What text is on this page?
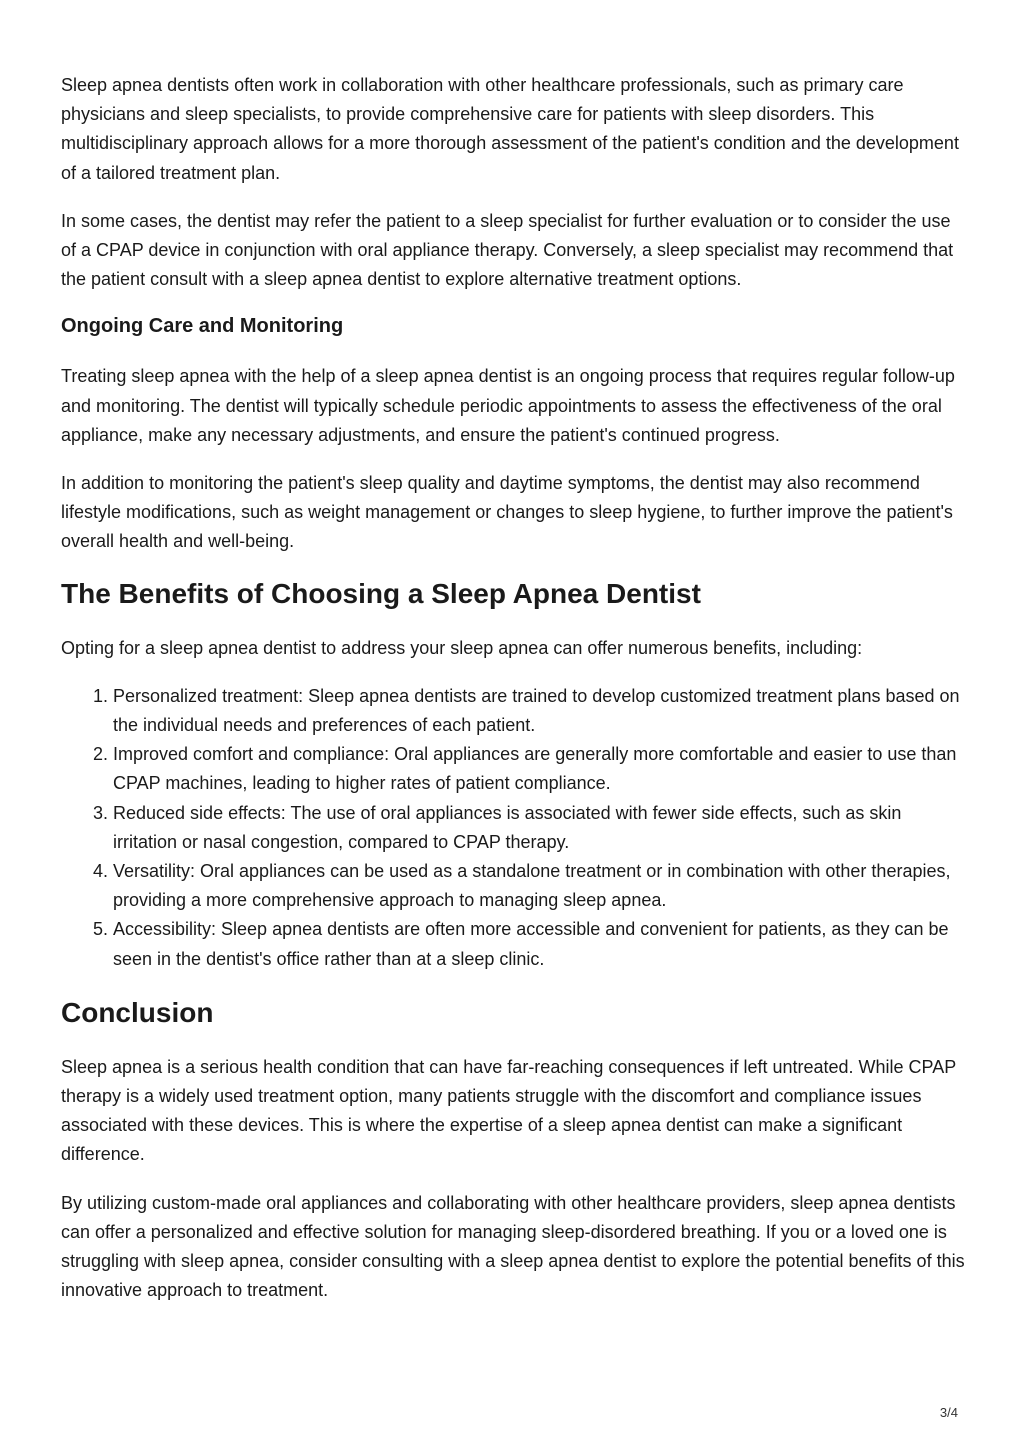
Sleep apnea dentists often work in collaboration with other healthcare professionals, such as primary care physicians and sleep specialists, to provide comprehensive care for patients with sleep disorders. This multidisciplinary approach allows for a more thorough assessment of the patient's condition and the development of a tailored treatment plan.

In some cases, the dentist may refer the patient to a sleep specialist for further evaluation or to consider the use of a CPAP device in conjunction with oral appliance therapy. Conversely, a sleep specialist may recommend that the patient consult with a sleep apnea dentist to explore alternative treatment options.

Ongoing Care and Monitoring

Treating sleep apnea with the help of a sleep apnea dentist is an ongoing process that requires regular follow-up and monitoring. The dentist will typically schedule periodic appointments to assess the effectiveness of the oral appliance, make any necessary adjustments, and ensure the patient's continued progress.

In addition to monitoring the patient's sleep quality and daytime symptoms, the dentist may also recommend lifestyle modifications, such as weight management or changes to sleep hygiene, to further improve the patient's overall health and well-being.

The Benefits of Choosing a Sleep Apnea Dentist

Opting for a sleep apnea dentist to address your sleep apnea can offer numerous benefits, including:

1. Personalized treatment: Sleep apnea dentists are trained to develop customized treatment plans based on the individual needs and preferences of each patient.
2. Improved comfort and compliance: Oral appliances are generally more comfortable and easier to use than CPAP machines, leading to higher rates of patient compliance.
3. Reduced side effects: The use of oral appliances is associated with fewer side effects, such as skin irritation or nasal congestion, compared to CPAP therapy.
4. Versatility: Oral appliances can be used as a standalone treatment or in combination with other therapies, providing a more comprehensive approach to managing sleep apnea.
5. Accessibility: Sleep apnea dentists are often more accessible and convenient for patients, as they can be seen in the dentist's office rather than at a sleep clinic.
Conclusion

Sleep apnea is a serious health condition that can have far-reaching consequences if left untreated. While CPAP therapy is a widely used treatment option, many patients struggle with the discomfort and compliance issues associated with these devices. This is where the expertise of a sleep apnea dentist can make a significant difference.

By utilizing custom-made oral appliances and collaborating with other healthcare providers, sleep apnea dentists can offer a personalized and effective solution for managing sleep-disordered breathing. If you or a loved one is struggling with sleep apnea, consider consulting with a sleep apnea dentist to explore the potential benefits of this innovative approach to treatment.

3/4
